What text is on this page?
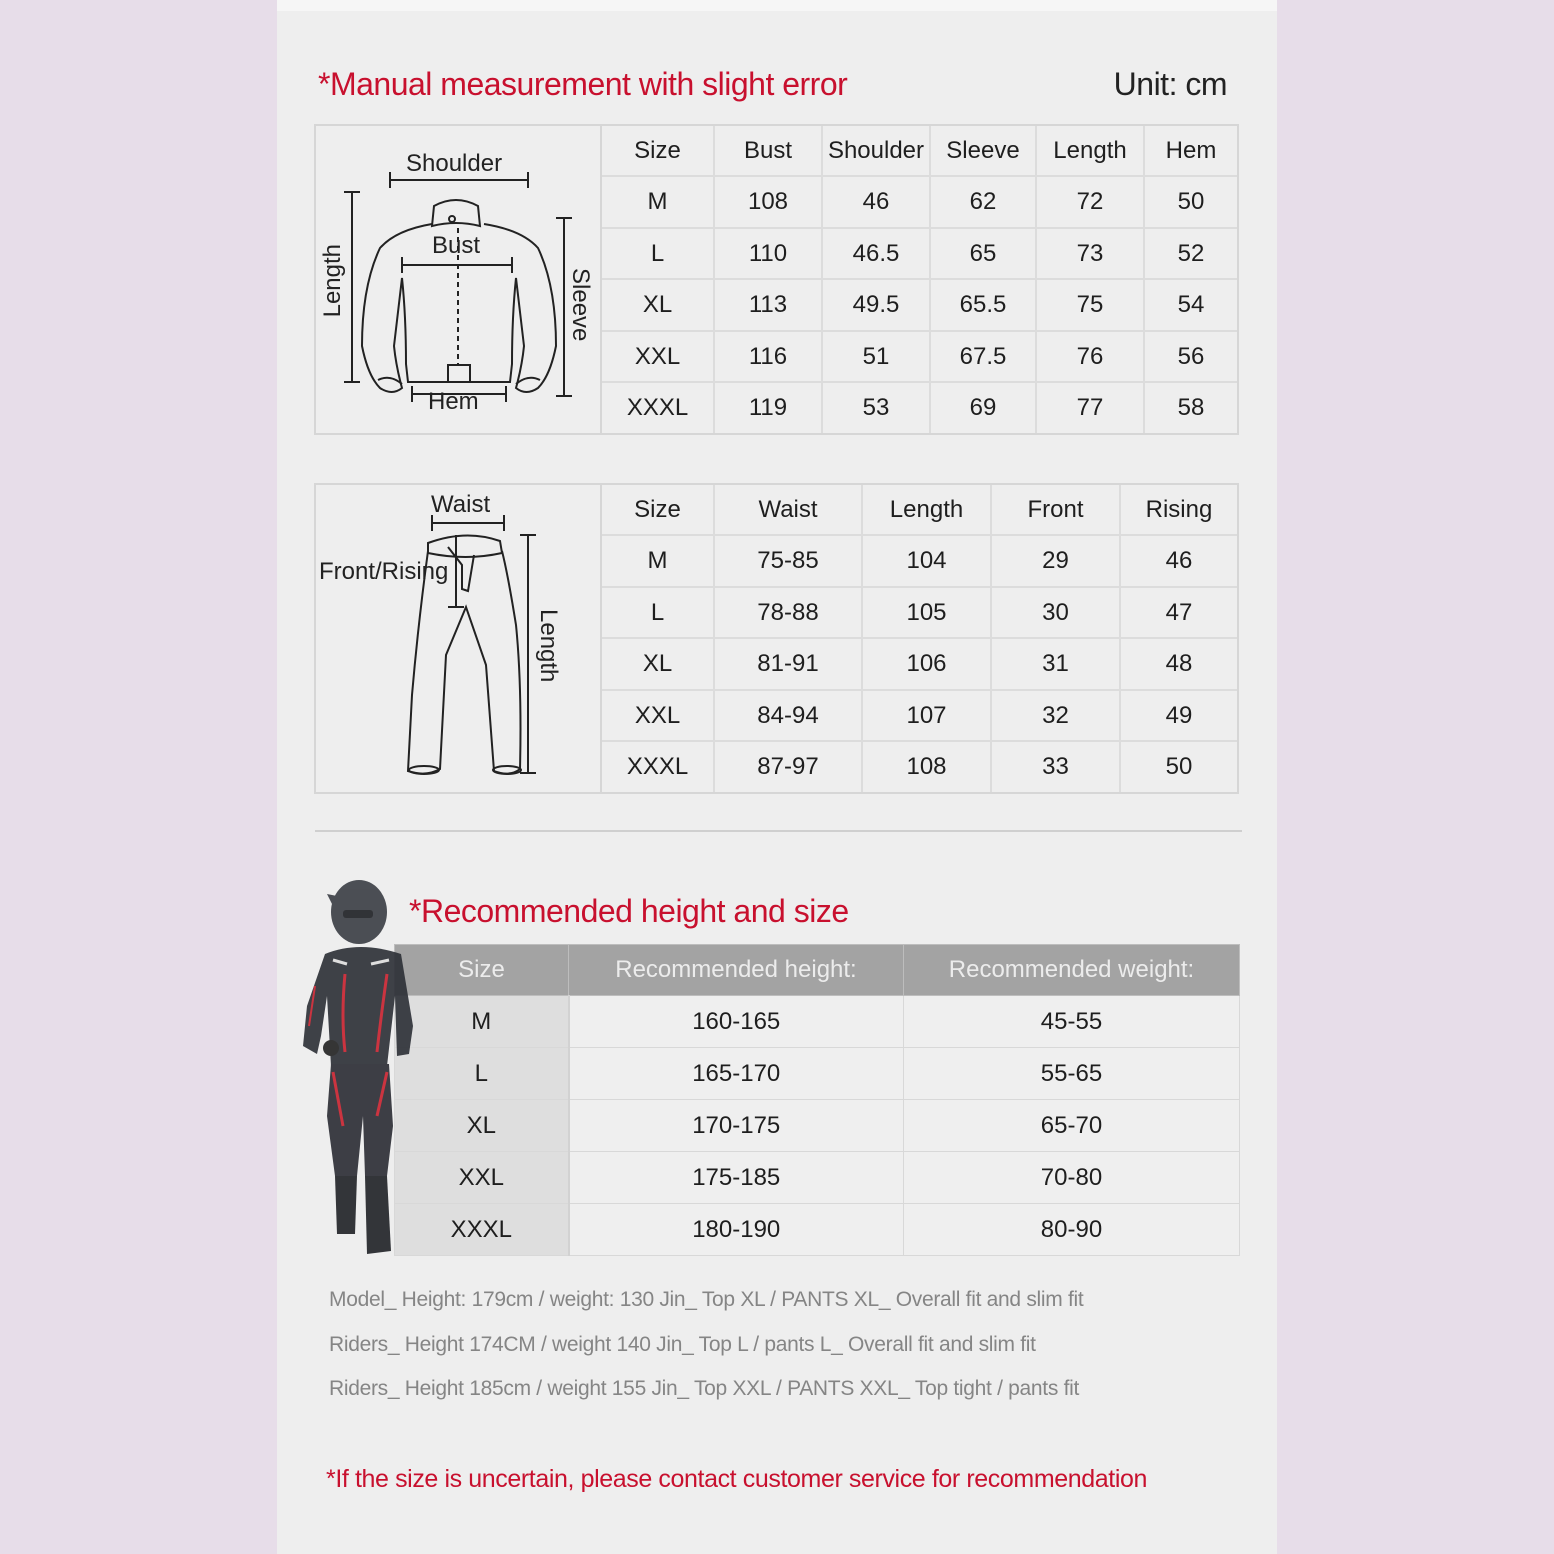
*Manual measurement with slight error	Unit: cm
Shoulder
Bust
Hem
Length	Sleeve
Size	Bust	Shoulder	Sleeve	Length	Hem
M	108	46	62	72	50
L	110	46.5	65	73	52
XL	113	49.5	65.5	75	54
XXL	116	51	67.5	76	56
XXXL	119	53	69	77	58
Waist
Front/Rising
Length
Size	Waist	Length	Front	Rising
M	75-85	104	29	46
L	78-88	105	30	47
XL	81-91	106	31	48
XXL	84-94	107	32	49
XXXL	87-97	108	33	50
*Recommended height and size
Size	Recommended height:	Recommended weight:
M	160-165	45-55
L	165-170	55-65
XL	170-175	65-70
XXL	175-185	70-80
XXXL	180-190	80-90
Model_ Height: 179cm / weight: 130 Jin_ Top XL / PANTS XL_ Overall fit and slim fit
Riders_ Height 174CM / weight 140 Jin_ Top L / pants L_ Overall fit and slim fit
Riders_ Height 185cm / weight 155 Jin_ Top XXL / PANTS XXL_ Top tight / pants fit
*If the size is uncertain, please contact customer service for recommendation
